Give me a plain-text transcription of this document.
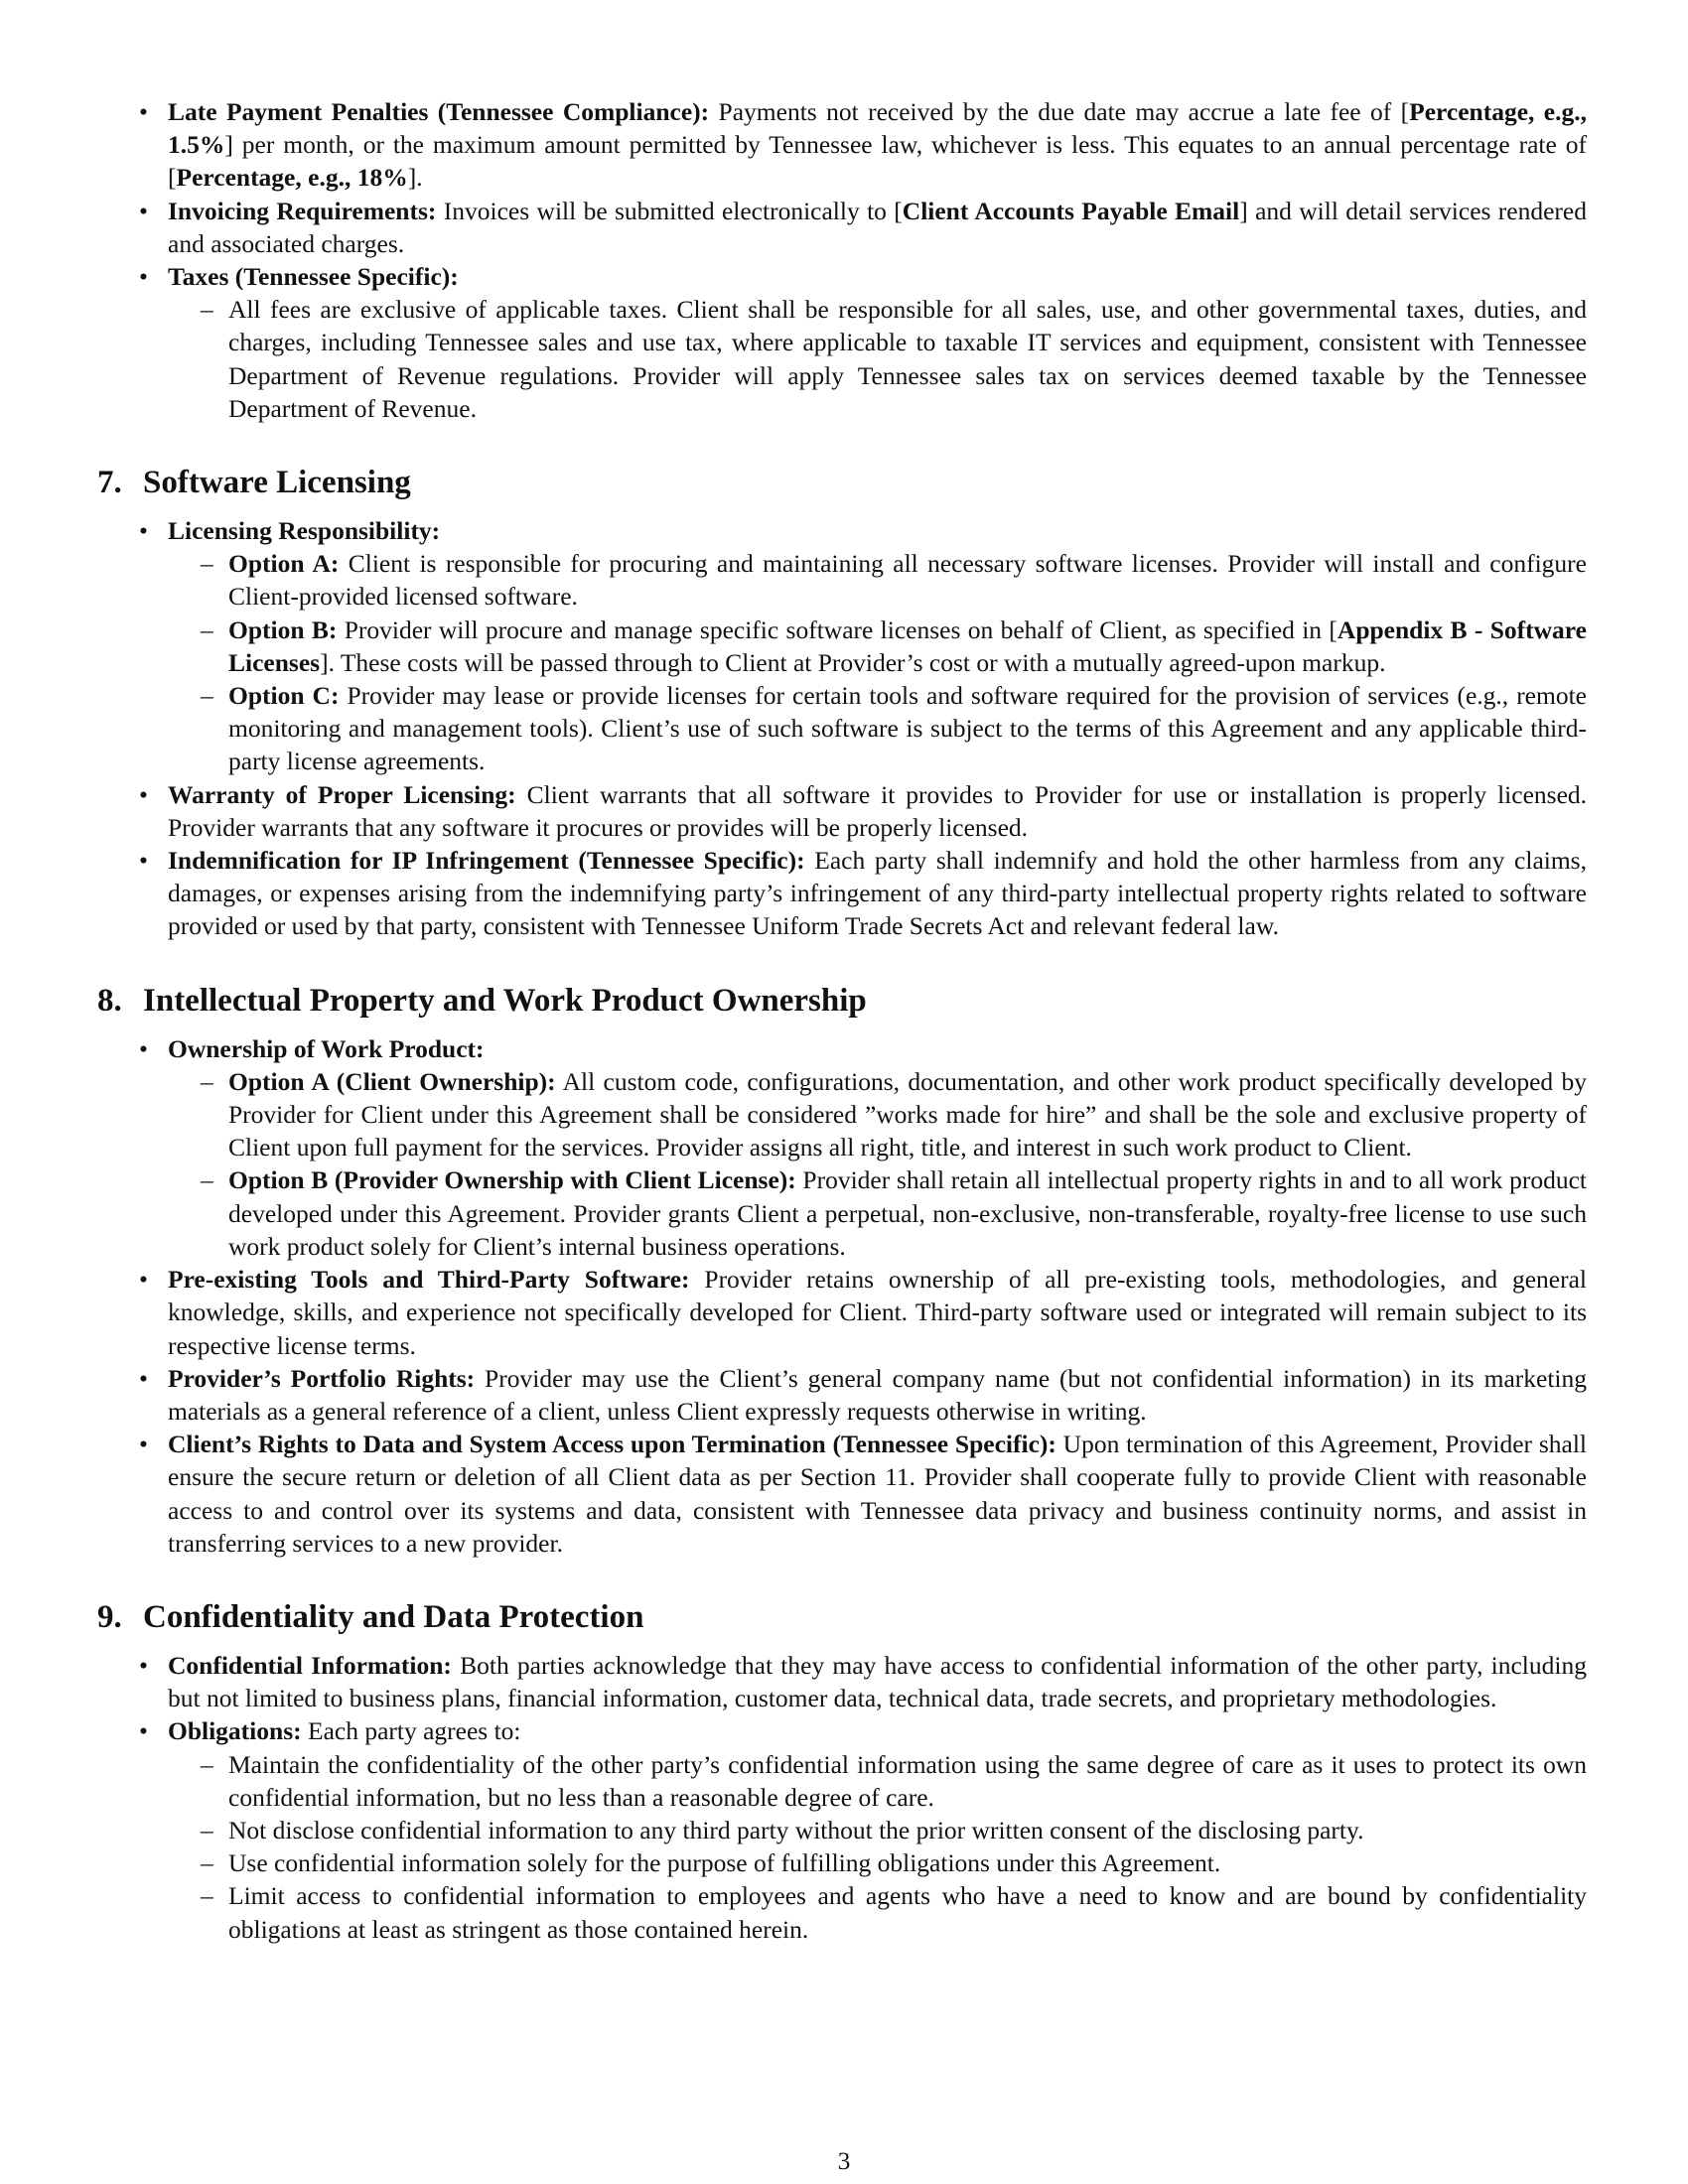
• Late Payment Penalties (Tennessee Compliance): Payments not received by the due date may accrue a late fee of [Percentage, e.g., 1.5%] per month, or the maximum amount permitted by Tennessee law, whichever is less. This equates to an annual percentage rate of [Percentage, e.g., 18%].
• Invoicing Requirements: Invoices will be submitted electronically to [Client Accounts Payable Email] and will detail services rendered and associated charges.
• Taxes (Tennessee Specific):
– All fees are exclusive of applicable taxes. Client shall be responsible for all sales, use, and other governmental taxes, duties, and charges, including Tennessee sales and use tax, where applicable to taxable IT services and equipment, consistent with Tennessee Department of Revenue regulations. Provider will apply Tennessee sales tax on services deemed taxable by the Tennessee Department of Revenue.
7. Software Licensing
• Licensing Responsibility:
– Option A: Client is responsible for procuring and maintaining all necessary software licenses. Provider will install and configure Client-provided licensed software.
– Option B: Provider will procure and manage specific software licenses on behalf of Client, as specified in [Appendix B - Software Licenses]. These costs will be passed through to Client at Provider’s cost or with a mutually agreed-upon markup.
– Option C: Provider may lease or provide licenses for certain tools and software required for the provision of services (e.g., remote monitoring and management tools). Client’s use of such software is subject to the terms of this Agreement and any applicable third-party license agreements.
• Warranty of Proper Licensing: Client warrants that all software it provides to Provider for use or installation is properly licensed. Provider warrants that any software it procures or provides will be properly licensed.
• Indemnification for IP Infringement (Tennessee Specific): Each party shall indemnify and hold the other harmless from any claims, damages, or expenses arising from the indemnifying party’s infringement of any third-party intellectual property rights related to software provided or used by that party, consistent with Tennessee Uniform Trade Secrets Act and relevant federal law.
8. Intellectual Property and Work Product Ownership
• Ownership of Work Product:
– Option A (Client Ownership): All custom code, configurations, documentation, and other work product specifically developed by Provider for Client under this Agreement shall be considered ”works made for hire” and shall be the sole and exclusive property of Client upon full payment for the services. Provider assigns all right, title, and interest in such work product to Client.
– Option B (Provider Ownership with Client License): Provider shall retain all intellectual property rights in and to all work product developed under this Agreement. Provider grants Client a perpetual, non-exclusive, non-transferable, royalty-free license to use such work product solely for Client’s internal business operations.
• Pre-existing Tools and Third-Party Software: Provider retains ownership of all pre-existing tools, methodologies, and general knowledge, skills, and experience not specifically developed for Client. Third-party software used or integrated will remain subject to its respective license terms.
• Provider’s Portfolio Rights: Provider may use the Client’s general company name (but not confidential information) in its marketing materials as a general reference of a client, unless Client expressly requests otherwise in writing.
• Client’s Rights to Data and System Access upon Termination (Tennessee Specific): Upon termination of this Agreement, Provider shall ensure the secure return or deletion of all Client data as per Section 11. Provider shall cooperate fully to provide Client with reasonable access to and control over its systems and data, consistent with Tennessee data privacy and business continuity norms, and assist in transferring services to a new provider.
9. Confidentiality and Data Protection
• Confidential Information: Both parties acknowledge that they may have access to confidential information of the other party, including but not limited to business plans, financial information, customer data, technical data, trade secrets, and proprietary methodologies.
• Obligations: Each party agrees to:
– Maintain the confidentiality of the other party’s confidential information using the same degree of care as it uses to protect its own confidential information, but no less than a reasonable degree of care.
– Not disclose confidential information to any third party without the prior written consent of the disclosing party.
– Use confidential information solely for the purpose of fulfilling obligations under this Agreement.
– Limit access to confidential information to employees and agents who have a need to know and are bound by confidentiality obligations at least as stringent as those contained herein.
3
